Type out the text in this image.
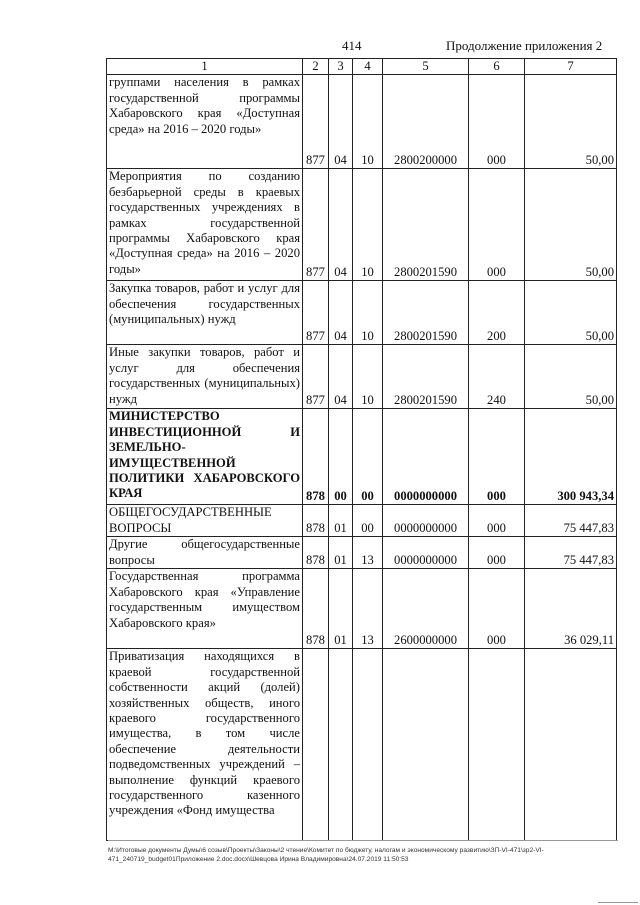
414	Продолжение приложения 2
1	2	3	4	5	6	7
группами населения в рамках государственной программы Хабаровского края «Доступная среда» на 2016 – 2020 годы»	877	04	10	2800200000	000	50,00
Мероприятия по созданию безбарьерной среды в краевых государственных учреждениях в рамках государственной программы Хабаровского края «Доступная среда» на 2016 – 2020 годы»	877	04	10	2800201590	000	50,00
Закупка товаров, работ и услуг для обеспечения государственных (муниципальных) нужд	877	04	10	2800201590	200	50,00
Иные закупки товаров, работ и услуг для обеспечения государственных (муниципальных) нужд	877	04	10	2800201590	240	50,00
МИНИСТЕРСТВО ИНВЕСТИЦИОННОЙ И ЗЕМЕЛЬНО-ИМУЩЕСТВЕННОЙ ПОЛИТИКИ ХАБАРОВСКОГО КРАЯ	878	00	00	0000000000	000	300 943,34
ОБЩЕГОСУДАРСТВЕННЫЕ ВОПРОСЫ	878	01	00	0000000000	000	75 447,83
Другие общегосударственные вопросы	878	01	13	0000000000	000	75 447,83
Государственная программа Хабаровского края «Управление государственным имуществом Хабаровского края»	878	01	13	2600000000	000	36 029,11
Приватизация находящихся в краевой государственной собственности акций (долей) хозяйственных обществ, иного краевого государственного имущества, в том числе обеспечение деятельности подведомственных учреждений – выполнение функций краевого государственного казенного учреждения «Фонд имущества						
M:\Итоговые документы Думы\6 созыв\Проекты\Законы\2 чтение\Комитет по бюджету, налогам и экономическому развитию\ЗП-VI-471\зр2-VI-471_240719_budget01Приложение 2.doc.docx\Шевцова Ирина Владимировна\24.07.2019 11:50:53
